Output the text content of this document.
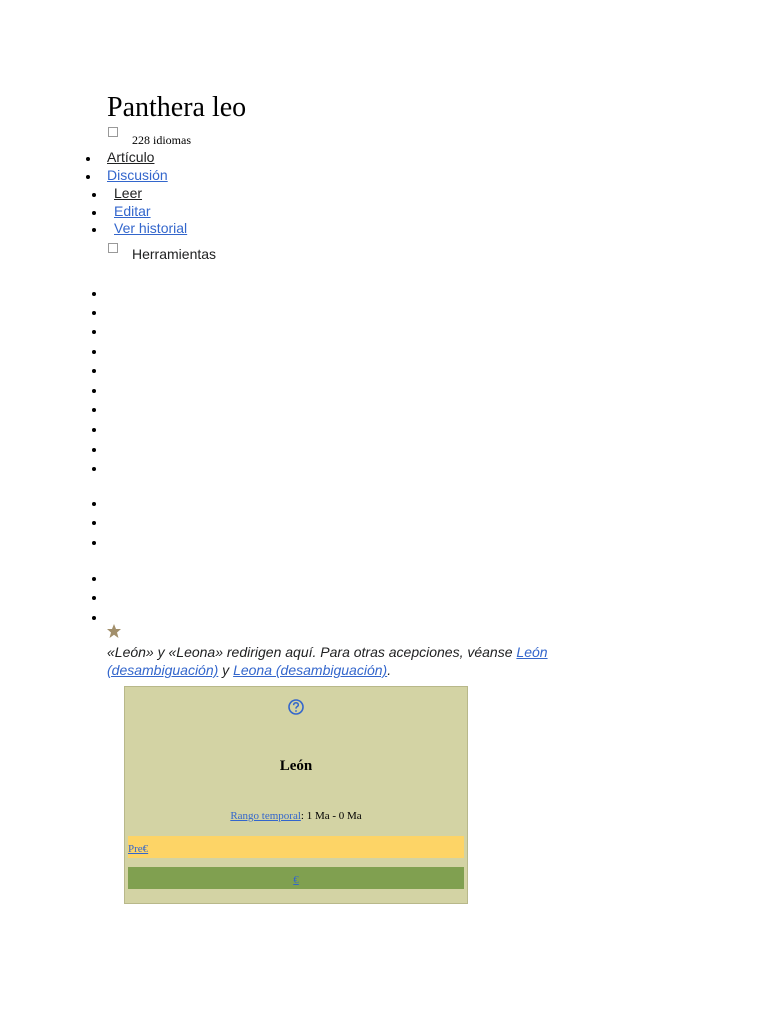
Panthera leo
228 idiomas
Artículo
Discusión
Leer
Editar
Ver historial
Herramientas
«León» y «Leona» redirigen aquí. Para otras acepciones, véanse León (desambiguación) y Leona (desambiguación).
León
Rango temporal: 1 Ma - 0 Ma
Pre€
€
